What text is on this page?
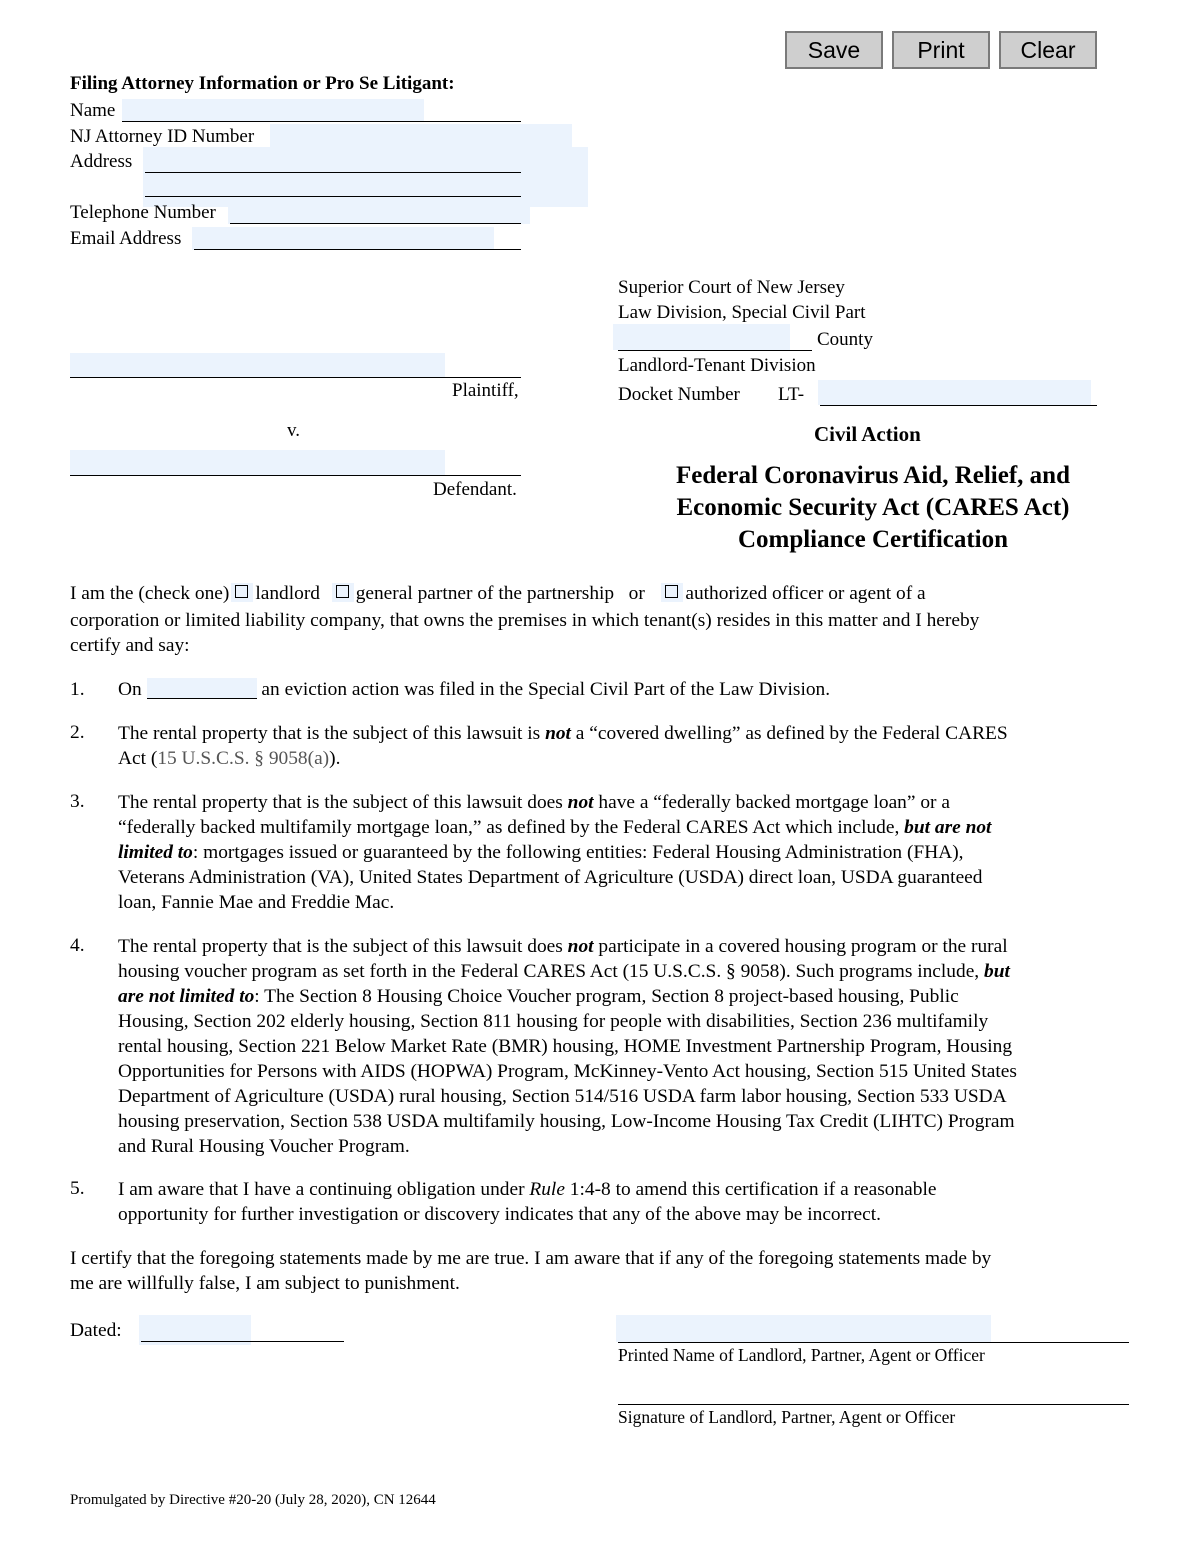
Save	Print	Clear
Filing Attorney Information or Pro Se Litigant:
Name
NJ Attorney ID Number
Address
Telephone Number
Email Address
Superior Court of New Jersey
Law Division, Special Civil Part
County
Landlord-Tenant Division
Docket Number LT-
Plaintiff,
v.
Defendant.
Civil Action
Federal Coronavirus Aid, Relief, and
Economic Security Act (CARES Act)
Compliance Certification
I am the (check one) landlord general partner of the partnership or authorized officer or agent of a
corporation or limited liability company, that owns the premises in which tenant(s) resides in this matter and I hereby
certify and say:
1. On	an eviction action was filed in the Special Civil Part of the Law Division.
2. The rental property that is the subject of this lawsuit is not a “covered dwelling” as defined by the Federal CARES
Act (15 U.S.C.S. § 9058(a)).
3. The rental property that is the subject of this lawsuit does not have a “federally backed mortgage loan” or a
“federally backed multifamily mortgage loan,” as defined by the Federal CARES Act which include, but are not
limited to: mortgages issued or guaranteed by the following entities: Federal Housing Administration (FHA),
Veterans Administration (VA), United States Department of Agriculture (USDA) direct loan, USDA guaranteed
loan, Fannie Mae and Freddie Mac.
4. The rental property that is the subject of this lawsuit does not participate in a covered housing program or the rural
housing voucher program as set forth in the Federal CARES Act (15 U.S.C.S. § 9058). Such programs include, but
are not limited to: The Section 8 Housing Choice Voucher program, Section 8 project-based housing, Public
Housing, Section 202 elderly housing, Section 811 housing for people with disabilities, Section 236 multifamily
rental housing, Section 221 Below Market Rate (BMR) housing, HOME Investment Partnership Program, Housing
Opportunities for Persons with AIDS (HOPWA) Program, McKinney-Vento Act housing, Section 515 United States
Department of Agriculture (USDA) rural housing, Section 514/516 USDA farm labor housing, Section 533 USDA
housing preservation, Section 538 USDA multifamily housing, Low-Income Housing Tax Credit (LIHTC) Program
and Rural Housing Voucher Program.
5. I am aware that I have a continuing obligation under Rule 1:4-8 to amend this certification if a reasonable
opportunity for further investigation or discovery indicates that any of the above may be incorrect.
I certify that the foregoing statements made by me are true. I am aware that if any of the foregoing statements made by
me are willfully false, I am subject to punishment.
Dated:
Printed Name of Landlord, Partner, Agent or Officer
Signature of Landlord, Partner, Agent or Officer
Promulgated by Directive #20-20 (July 28, 2020), CN 12644
